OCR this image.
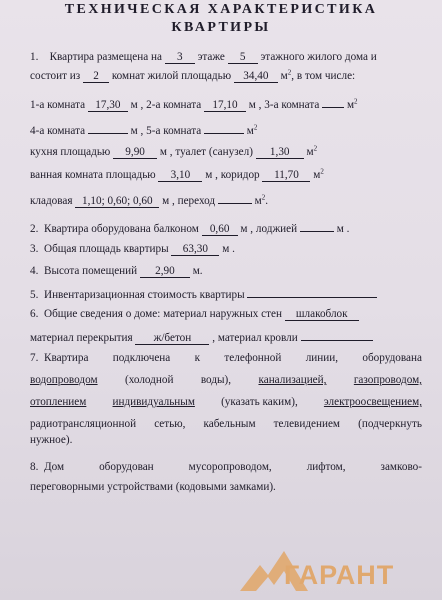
ТЕХНИЧЕСКАЯ ХАРАКТЕРИСТИКА
КВАРТИРЫ
1. Квартира размещена на 3 этаже 5 этажного жилого дома и
состоит из 2 комнат жилой площадью 34,40 $м^2$, в том числе:
1-а комната 17,30 м , 2-а комната 17,10 м , 3-а комната $м^2$
4-а комната	м , 5-а комната	$м^2$
кухня площадью 9,90 м , туалет (санузел) 1,30 $м^2$
ванная комната площадью 3,10 м , коридор 11,70 $м^2$
кладовая 1,10; 0,60; 0,60 м , переход	$м^2$.
2. Квартира оборудована балконом 0,60 м , лоджией	м .
3. Общая площадь квартиры 63,30 м .
4. Высота помещений 2,90 м.
5. Инвентаризационная стоимость квартиры
6. Общие сведения о доме: материал наружных стен шлакоблок
материал перекрытия ж/бетон , материал кровли
7. Квартира подключена к телефонной линии, оборудована
водопроводом (холодной воды), канализацией, газопроводом,
отоплением индивидуальным (указать каким), электроосвещением,
радиотрансляционной сетью, кабельным телевидением (подчеркнуть
нужное).
8. Дом	оборудован	мусоропроводом,	лифтом,	замково-
переговорными устройствами (кодовыми замками).
ГАРАНТ
